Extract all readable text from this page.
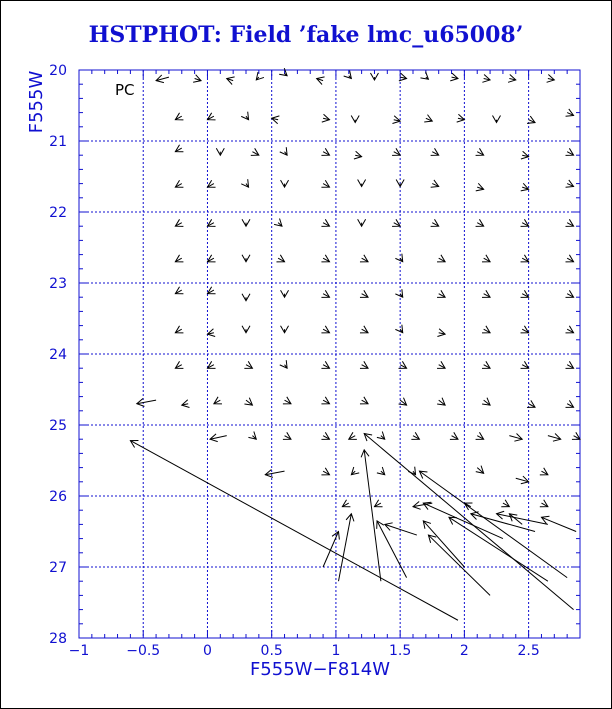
HSTPHOT: Field ’fake lmc_u65008’
−1	−0.5	0	0.5	1	1.5	2	2.5
20
21
22
23
24
25
26
27
28
PC
F555W−F814W
F555W
